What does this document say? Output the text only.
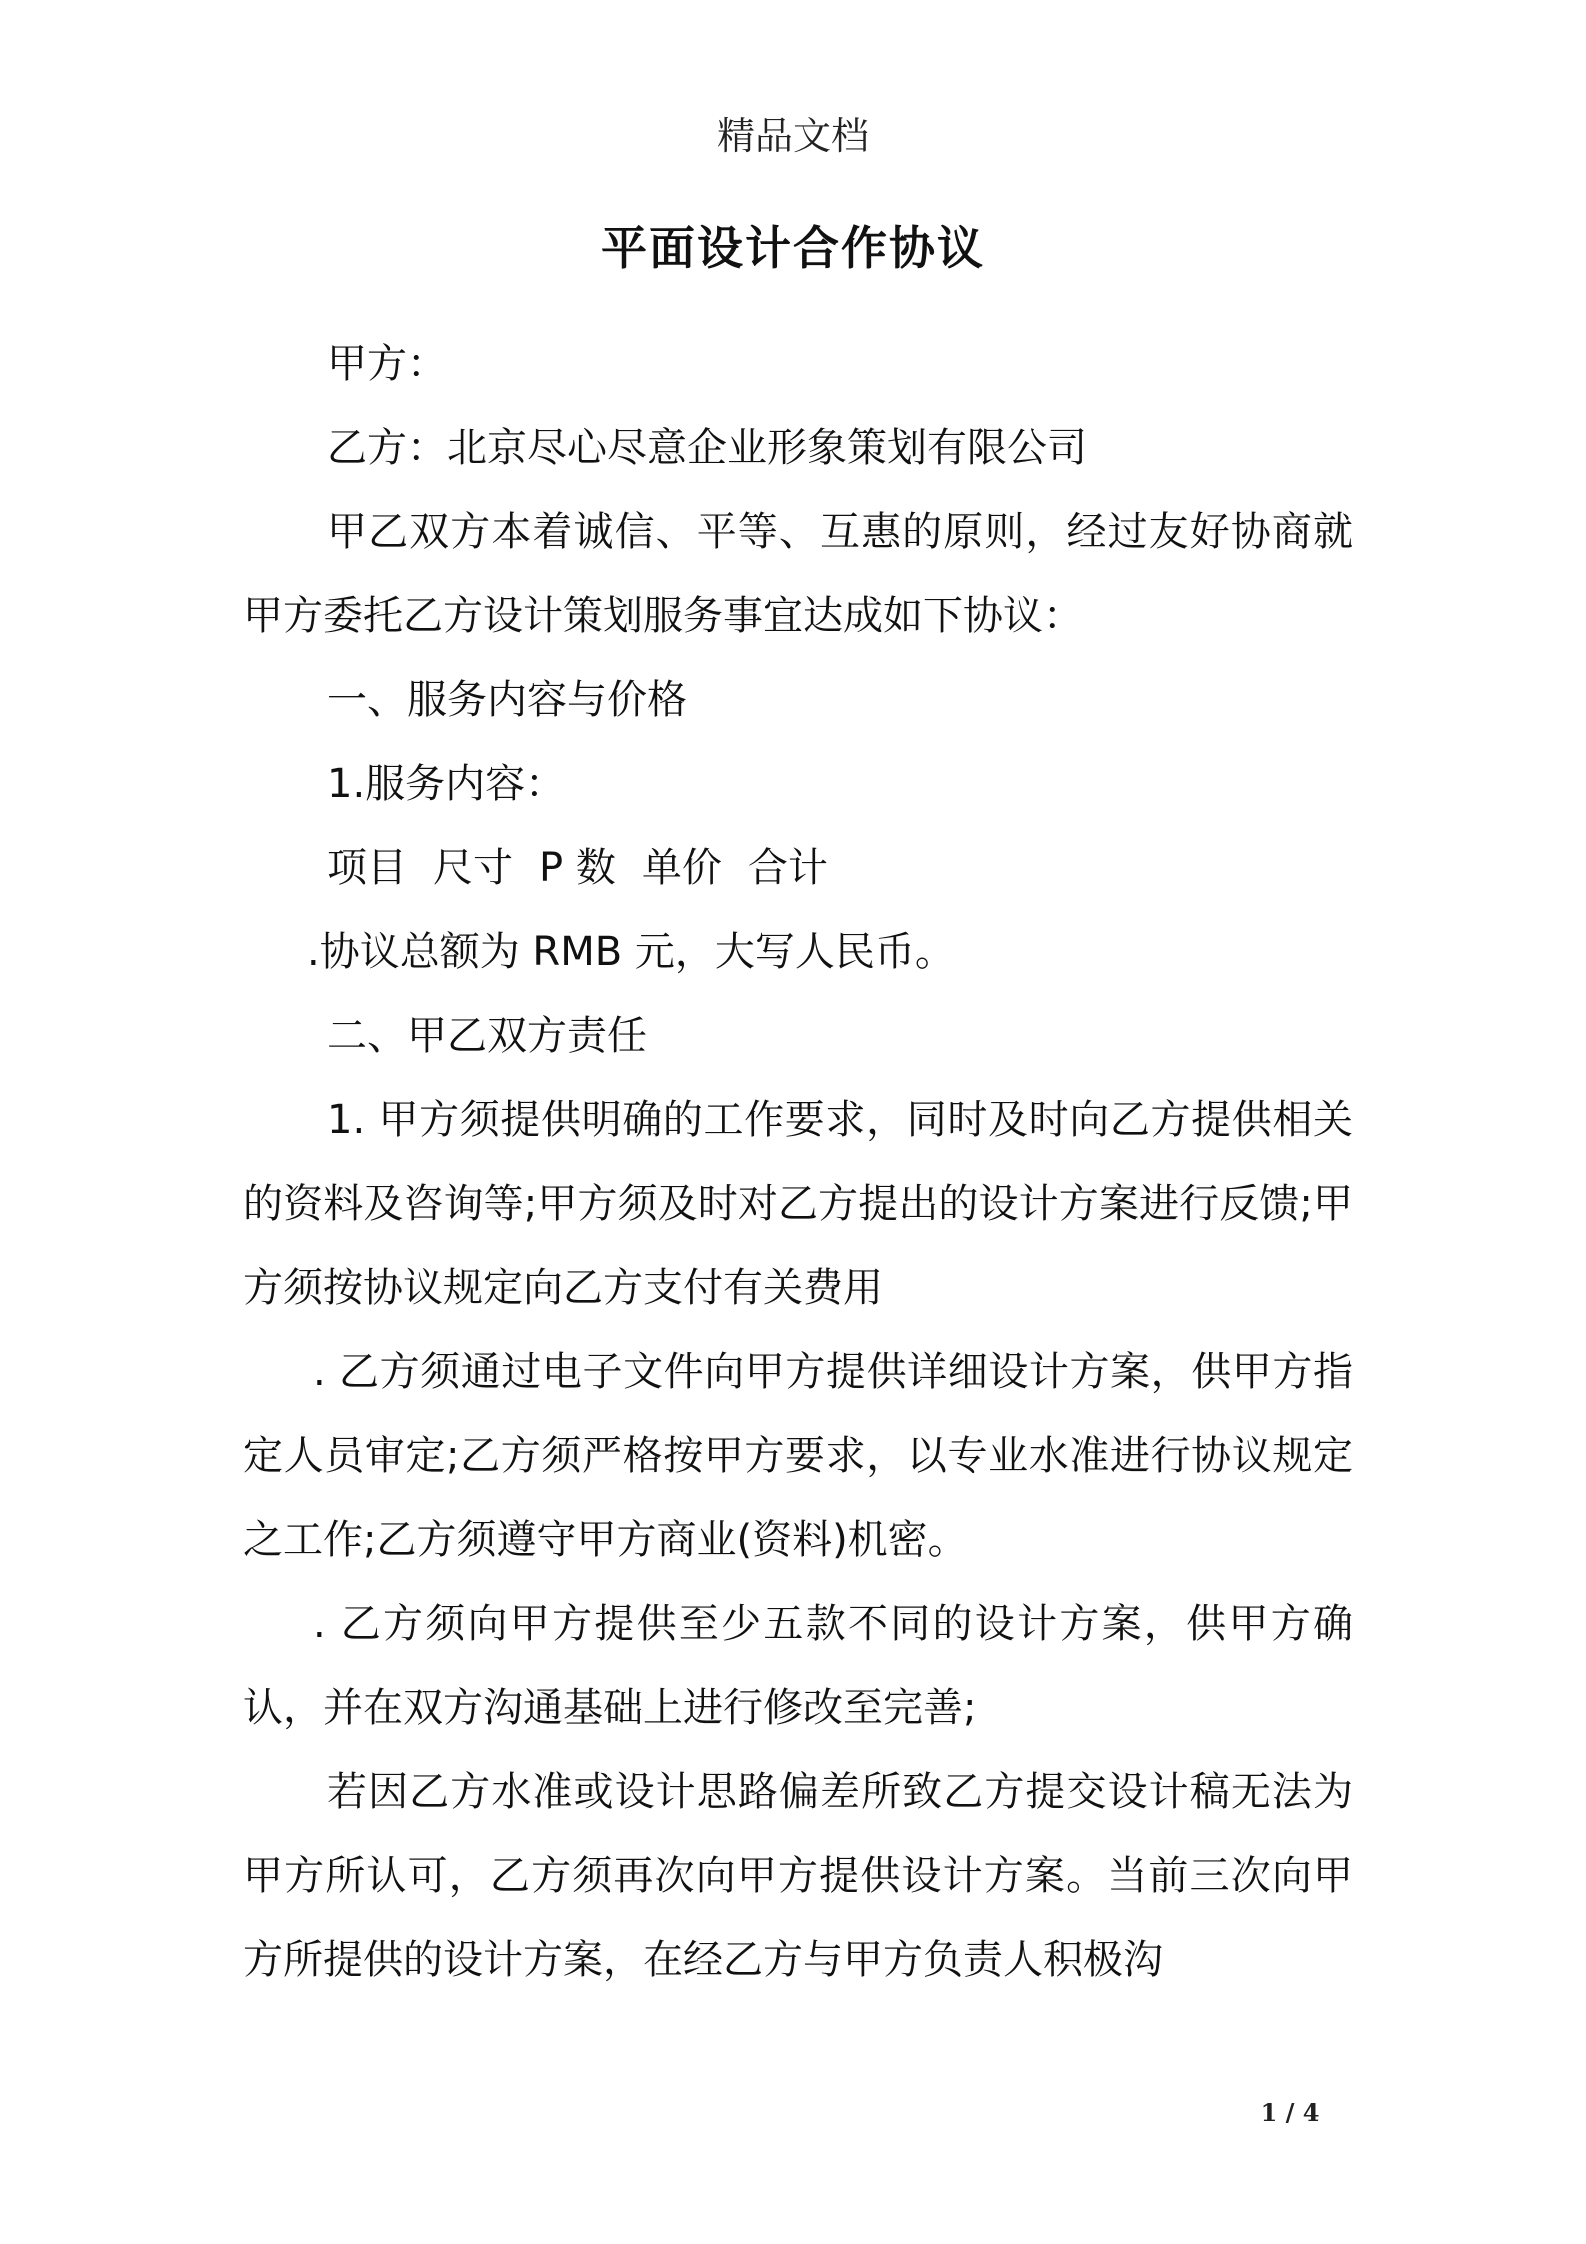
精品文档
平面设计合作协议

甲方：

乙方：北京尽心尽意企业形象策划有限公司

甲乙双方本着诚信、平等、互惠的原则，经过友好协商就甲方委托乙方设计策划服务事宜达成如下协议：

一、服务内容与价格

1.服务内容：

项目 尺寸 P 数 单价 合计

.协议总额为 RMB 元，大写人民币。

二、甲乙双方责任

1. 甲方须提供明确的工作要求，同时及时向乙方提供相关的资料及咨询等;甲方须及时对乙方提出的设计方案进行反馈;甲方须按协议规定向乙方支付有关费用

. 乙方须通过电子文件向甲方提供详细设计方案，供甲方指定人员审定;乙方须严格按甲方要求，以专业水准进行协议规定之工作;乙方须遵守甲方商业(资料)机密。

. 乙方须向甲方提供至少五款不同的设计方案，供甲方确认，并在双方沟通基础上进行修改至完善;

若因乙方水准或设计思路偏差所致乙方提交设计稿无法为甲方所认可，乙方须再次向甲方提供设计方案。当前三次向甲方所提供的设计方案，在经乙方与甲方负责人积极沟

1 / 4
